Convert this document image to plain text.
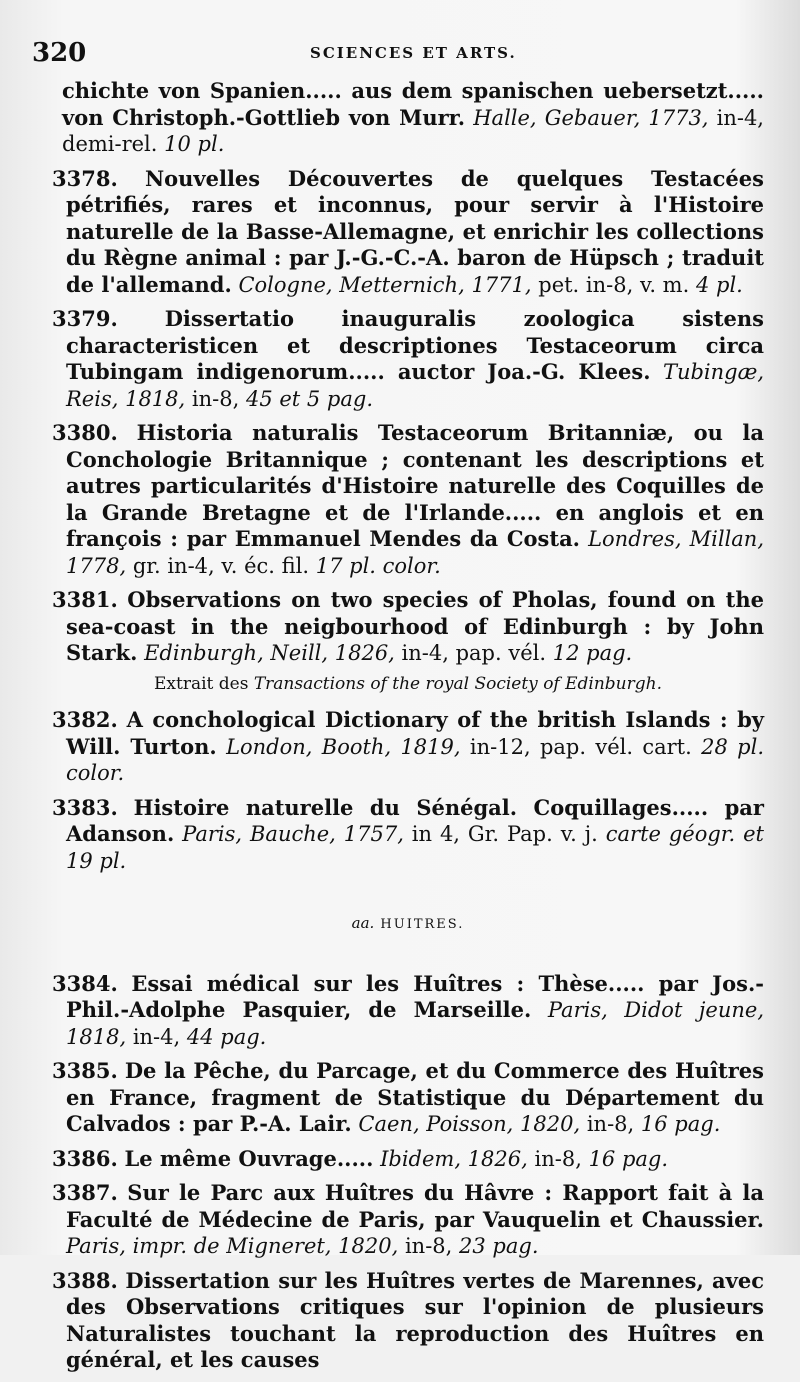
320	SCIENCES ET ARTS.

chichte von Spanien..... aus dem spanischen uebersetzt..... von Christoph.-Gottlieb von Murr. Halle, Gebauer, 1773, in-4, demi-rel. 10 pl.

3378. Nouvelles Découvertes de quelques Testacées pétrifiés, rares et inconnus, pour servir à l'Histoire naturelle de la Basse-Allemagne, et enrichir les collections du Règne animal : par J.-G.-C.-A. baron de Hüpsch ; traduit de l'allemand. Cologne, Metternich, 1771, pet. in-8, v. m. 4 pl.

3379. Dissertatio inauguralis zoologica sistens characteristicen et descriptiones Testaceorum circa Tubingam indigenorum..... auctor Joa.-G. Klees. Tubingæ, Reis, 1818, in-8, 45 et 5 pag.

3380. Historia naturalis Testaceorum Britanniæ, ou la Conchologie Britannique ; contenant les descriptions et autres particularités d'Histoire naturelle des Coquilles de la Grande Bretagne et de l'Irlande..... en anglois et en françois : par Emmanuel Mendes da Costa. Londres, Millan, 1778, gr. in-4, v. éc. fil. 17 pl. color.

3381. Observations on two species of Pholas, found on the sea-coast in the neigbourhood of Edinburgh : by John Stark. Edinburgh, Neill, 1826, in-4, pap. vél. 12 pag.

Extrait des Transactions of the royal Society of Edinburgh.

3382. A conchological Dictionary of the british Islands : by Will. Turton. London, Booth, 1819, in-12, pap. vél. cart. 28 pl. color.

3383. Histoire naturelle du Sénégal. Coquillages..... par Adanson. Paris, Bauche, 1757, in 4, Gr. Pap. v. j. carte géogr. et 19 pl.

aa. HUITRES.

3384. Essai médical sur les Huîtres : Thèse..... par Jos.-Phil.-Adolphe Pasquier, de Marseille. Paris, Didot jeune, 1818, in-4, 44 pag.

3385. De la Pêche, du Parcage, et du Commerce des Huîtres en France, fragment de Statistique du Département du Calvados : par P.-A. Lair. Caen, Poisson, 1820, in-8, 16 pag.

3386. Le même Ouvrage..... Ibidem, 1826, in-8, 16 pag.

3387. Sur le Parc aux Huîtres du Hâvre : Rapport fait à la Faculté de Médecine de Paris, par Vauquelin et Chaussier. Paris, impr. de Migneret, 1820, in-8, 23 pag.

3388. Dissertation sur les Huîtres vertes de Marennes, avec des Observations critiques sur l'opinion de plusieurs Naturalistes touchant la reproduction des Huîtres en général, et les causes
